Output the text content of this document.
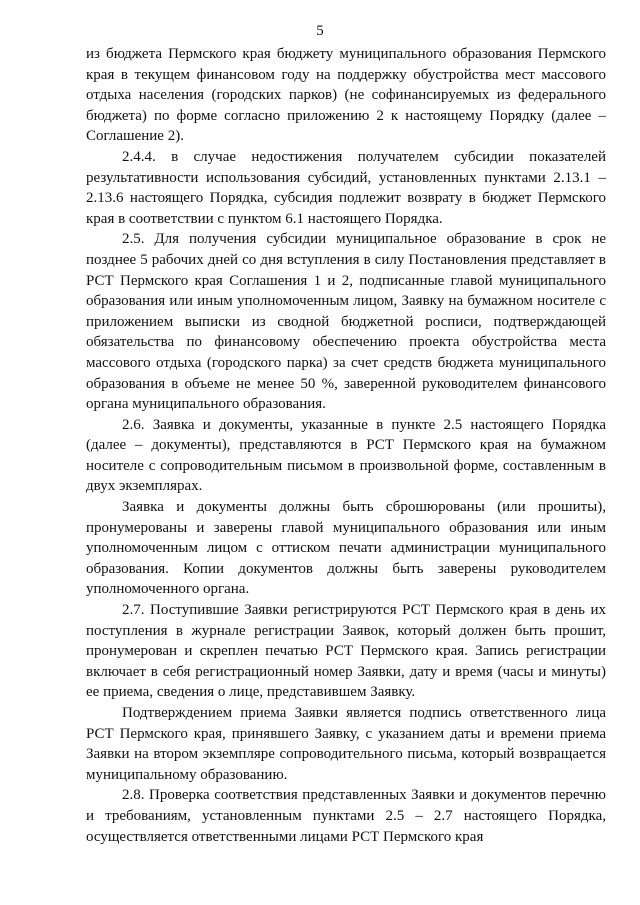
5

из бюджета Пермского края бюджету муниципального образования Пермского края в текущем финансовом году на поддержку обустройства мест массового отдыха населения (городских парков) (не софинансируемых из федерального бюджета) по форме согласно приложению 2 к настоящему Порядку (далее – Соглашение 2).

2.4.4. в случае недостижения получателем субсидии показателей результативности использования субсидий, установленных пунктами 2.13.1 – 2.13.6 настоящего Порядка, субсидия подлежит возврату в бюджет Пермского края в соответствии с пунктом 6.1 настоящего Порядка.

2.5. Для получения субсидии муниципальное образование в срок не позднее 5 рабочих дней со дня вступления в силу Постановления представляет в РСТ Пермского края Соглашения 1 и 2, подписанные главой муниципального образования или иным уполномоченным лицом, Заявку на бумажном носителе с приложением выписки из сводной бюджетной росписи, подтверждающей обязательства по финансовому обеспечению проекта обустройства места массового отдыха (городского парка) за счет средств бюджета муниципального образования в объеме не менее 50 %, заверенной руководителем финансового органа муниципального образования.

2.6. Заявка и документы, указанные в пункте 2.5 настоящего Порядка (далее – документы), представляются в РСТ Пермского края на бумажном носителе с сопроводительным письмом в произвольной форме, составленным в двух экземплярах.

Заявка и документы должны быть сброшюрованы (или прошиты), пронумерованы и заверены главой муниципального образования или иным уполномоченным лицом с оттиском печати администрации муниципального образования. Копии документов должны быть заверены руководителем уполномоченного органа.

2.7. Поступившие Заявки регистрируются РСТ Пермского края в день их поступления в журнале регистрации Заявок, который должен быть прошит, пронумерован и скреплен печатью РСТ Пермского края. Запись регистрации включает в себя регистрационный номер Заявки, дату и время (часы и минуты) ее приема, сведения о лице, представившем Заявку.

Подтверждением приема Заявки является подпись ответственного лица РСТ Пермского края, принявшего Заявку, с указанием даты и времени приема Заявки на втором экземпляре сопроводительного письма, который возвращается муниципальному образованию.

2.8. Проверка соответствия представленных Заявки и документов перечню и требованиям, установленным пунктами 2.5 – 2.7 настоящего Порядка, осуществляется ответственными лицами РСТ Пермского края
